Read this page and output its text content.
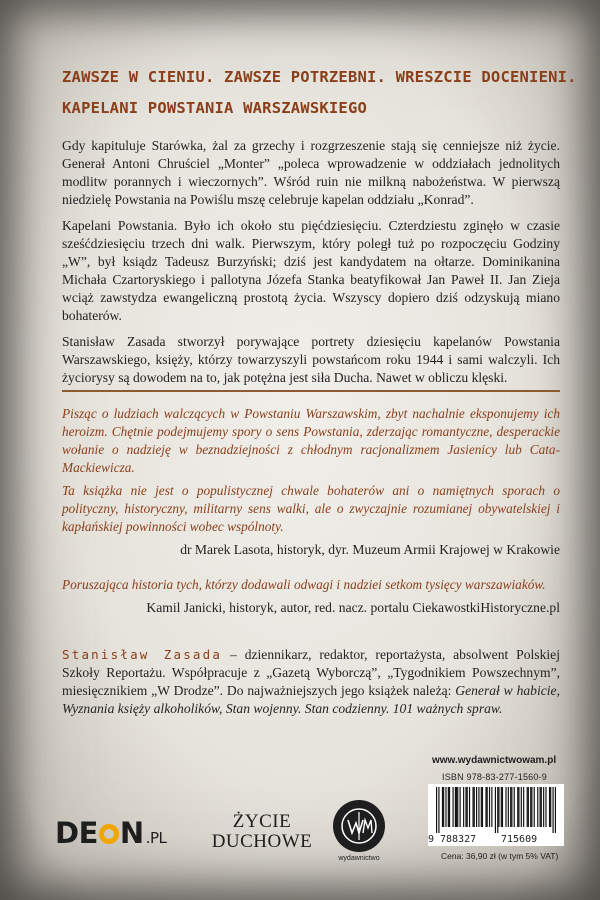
ZAWSZE W CIENIU. ZAWSZE POTRZEBNI. WRESZCIE DOCENIENI.
KAPELANI POWSTANIA WARSZAWSKIEGO

Gdy kapituluje Starówka, żal za grzechy i rozgrzeszenie stają się cenniejsze niż życie. Generał Antoni Chruściel „Monter” „poleca wprowadzenie w oddziałach jednolitych modlitw porannych i wieczornych”. Wśród ruin nie milkną nabożeństwa. W pierwszą niedzielę Powstania na Powiślu mszę celebruje kapelan oddziału „Konrad”.

Kapelani Powstania. Było ich około stu pięćdziesięciu. Czterdziestu zginęło w czasie sześćdziesięciu trzech dni walk. Pierwszym, który poległ tuż po rozpoczęciu Godziny „W”, był ksiądz Tadeusz Burzyński; dziś jest kandydatem na ołtarze. Dominikanina Michała Czartoryskiego i pallotyna Józefa Stanka beatyfikował Jan Paweł II. Jan Zieja wciąż zawstydza ewangeliczną prostotą życia. Wszyscy dopiero dziś odzyskują miano bohaterów.

Stanisław Zasada stworzył porywające portrety dziesięciu kapelanów Powstania Warszawskiego, księży, którzy towarzyszyli powstańcom roku 1944 i sami walczyli. Ich życiorysy są dowodem na to, jak potężna jest siła Ducha. Nawet w obliczu klęski.

Pisząc o ludziach walczących w Powstaniu Warszawskim, zbyt nachalnie eksponujemy ich heroizm. Chętnie podejmujemy spory o sens Powstania, zderzając romantyczne, desperackie wołanie o nadzieję w beznadziejności z chłodnym racjonalizmem Jasienicy lub Cata-Mackiewicza.

Ta książka nie jest o populistycznej chwale bohaterów ani o namiętnych sporach o polityczny, historyczny, militarny sens walki, ale o zwyczajnie rozumianej obywatelskiej i kapłańskiej powinności wobec wspólnoty.

dr Marek Lasota, historyk, dyr. Muzeum Armii Krajowej w Krakowie

Poruszająca historia tych, którzy dodawali odwagi i nadziei setkom tysięcy warszawiaków.

Kamil Janicki, historyk, autor, red. nacz. portalu CiekawostkiHistoryczne.pl

Stanisław Zasada – dziennikarz, redaktor, reportażysta, absolwent Polskiej Szkoły Reportażu. Współpracuje z „Gazetą Wyborczą”, „Tygodnikiem Powszechnym”, miesięcznikiem „W Drodze”. Do najważniejszych jego książek należą: Generał w habicie, Wyznania księży alkoholików, Stan wojenny. Stan codzienny. 101 ważnych spraw.
DE N .PL
ŻYCIE
DUCHOWE
wydawnictwo
www.wydawnictwowam.pl
ISBN 978-83-277-1560-9
9 788327 715609
Cena: 36,90 zł (w tym 5% VAT)
